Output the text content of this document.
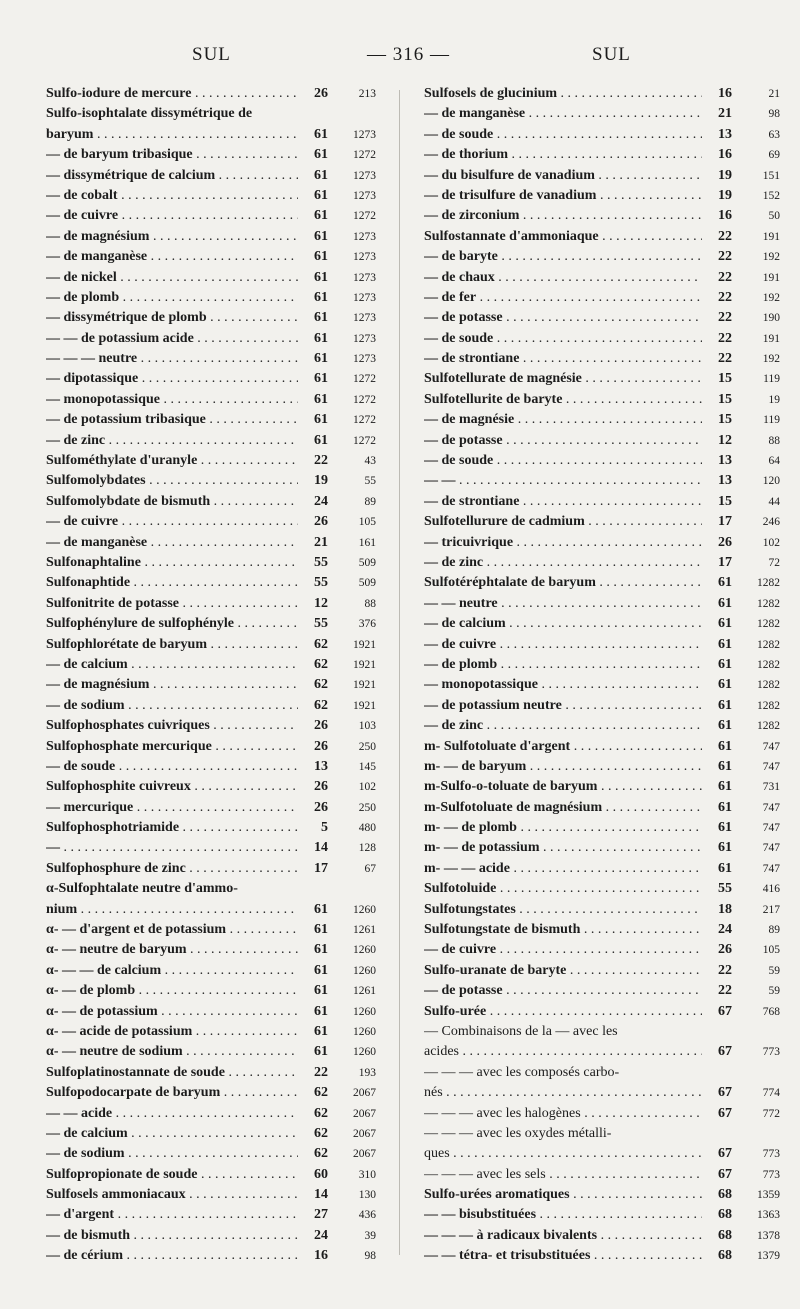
SUL	— 316 —	SUL
Sulfo-iodure de mercure . . .	26	213
Sulfo-isophtalate dissymétrique de
baryum . . .	61	1273
— de baryum tribasique . . .	61	1272
— dissymétrique de calcium . . .	61	1273
— de cobalt . . .	61	1273
— de cuivre . . .	61	1272
— de magnésium . . .	61	1273
— de manganèse . . .	61	1273
— de nickel . . .	61	1273
— de plomb . . .	61	1273
— dissymétrique de plomb . . .	61	1273
— — de potassium acide . . .	61	1273
— — — neutre . . .	61	1273
— dipotassique . . .	61	1272
— monopotassique . . .	61	1272
— de potassium tribasique . . .	61	1272
— de zinc . . .	61	1272
Sulfométhylate d'uranyle . . .	22	43
Sulfomolybdates . . .	19	55
Sulfomolybdate de bismuth . . .	24	89
— de cuivre . . .	26	105
— de manganèse . . .	21	161
Sulfonaphtaline . . .	55	509
Sulfonaphtide . . .	55	509
Sulfonitrite de potasse . . .	12	88
Sulfophénylure de sulfophényle . . .	55	376
Sulfophlorétate de baryum . . .	62	1921
— de calcium . . .	62	1921
— de magnésium . . .	62	1921
— de sodium . . .	62	1921
Sulfophosphates cuivriques . . .	26	103
Sulfophosphate mercurique . . .	26	250
— de soude . . .	13	145
Sulfophosphite cuivreux . . .	26	102
— mercurique . . .	26	250
Sulfophosphotriamide . . .	5	480
— . . .	14	128
Sulfophosphure de zinc . . .	17	67
α-Sulfophtalate neutre d'ammo-
nium . . .	61	1260
α- — d'argent et de potassium . . .	61	1261
α- — neutre de baryum . . .	61	1260
α- — — de calcium . . .	61	1260
α- — de plomb . . .	61	1261
α- — de potassium . . .	61	1260
α- — acide de potassium . . .	61	1260
α- — neutre de sodium . . .	61	1260
Sulfoplatinostannate de soude . . .	22	193
Sulfopodocarpate de baryum . . .	62	2067
— — acide . . .	62	2067
— de calcium . . .	62	2067
— de sodium . . .	62	2067
Sulfopropionate de soude . . .	60	310
Sulfosels ammoniacaux . . .	14	130
— d'argent . . .	27	436
— de bismuth . . .	24	39
— de cérium . . .	16	98
Sulfosels de glucinium . . .	16	21
— de manganèse . . .	21	98
— de soude . . .	13	63
— de thorium . . .	16	69
— du bisulfure de vanadium . . .	19	151
— de trisulfure de vanadium . . .	19	152
— de zirconium . . .	16	50
Sulfostannate d'ammoniaque . . .	22	191
— de baryte . . .	22	192
— de chaux . . .	22	191
— de fer . . .	22	192
— de potasse . . .	22	190
— de soude . . .	22	191
— de strontiane . . .	22	192
Sulfotellurate de magnésie . . .	15	119
Sulfotellurite de baryte . . .	15	19
— de magnésie . . .	15	119
— de potasse . . .	12	88
— de soude . . .	13	64
— — . . .	13	120
— de strontiane . . .	15	44
Sulfotellurure de cadmium . . .	17	246
— tricuivrique . . .	26	102
— de zinc . . .	17	72
Sulfotéréphtalate de baryum . . .	61	1282
— — neutre . . .	61	1282
— de calcium . . .	61	1282
— de cuivre . . .	61	1282
— de plomb . . .	61	1282
— monopotassique . . .	61	1282
— de potassium neutre . . .	61	1282
— de zinc . . .	61	1282
m- Sulfotoluate d'argent . . .	61	747
m- — de baryum . . .	61	747
m-Sulfo-o-toluate de baryum . . .	61	731
m-Sulfotoluate de magnésium . . .	61	747
m- — de plomb . . .	61	747
m- — de potassium . . .	61	747
m- — — acide . . .	61	747
Sulfotoluide . . .	55	416
Sulfotungstates . . .	18	217
Sulfotungstate de bismuth . . .	24	89
— de cuivre . . .	26	105
Sulfo-uranate de baryte . . .	22	59
— de potasse . . .	22	59
Sulfo-urée . . .	67	768
— Combinaisons de la — avec les
acides . . .	67	773
— — — avec les composés carbo-
nés . . .	67	774
— — — avec les halogènes . . .	67	772
— — — avec les oxydes métalli-
ques . . .	67	773
— — — avec les sels . . .	67	773
Sulfo-urées aromatiques . . .	68	1359
— — bisubstituées . . .	68	1363
— — — à radicaux bivalents . . .	68	1378
— — tétra- et trisubstituées . . .	68	1379
